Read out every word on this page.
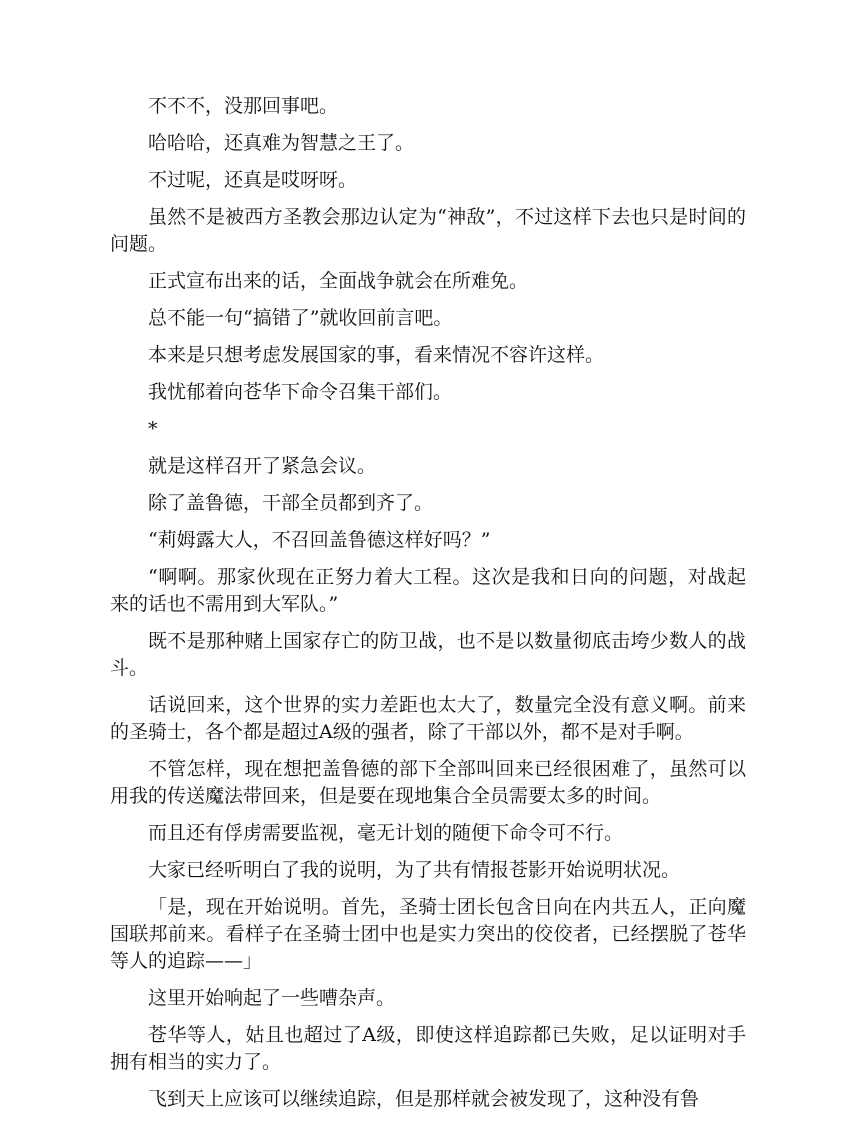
不不不，没那回事吧。

哈哈哈，还真难为智慧之王了。

不过呢，还真是哎呀呀。

虽然不是被西方圣教会那边认定为“神敌”，不过这样下去也只是时间的问题。

正式宣布出来的话，全面战争就会在所难免。

总不能一句“搞错了”就收回前言吧。

本来是只想考虑发展国家的事，看来情况不容许这样。

我忧郁着向苍华下命令召集干部们。

*

就是这样召开了紧急会议。

除了盖鲁德，干部全员都到齐了。

“莉姆露大人，不召回盖鲁德这样好吗？”

“啊啊。那家伙现在正努力着大工程。这次是我和日向的问题，对战起来的话也不需用到大军队。”

既不是那种赌上国家存亡的防卫战，也不是以数量彻底击垮少数人的战斗。

话说回来，这个世界的实力差距也太大了，数量完全没有意义啊。前来的圣骑士，各个都是超过A级的强者，除了干部以外，都不是对手啊。

不管怎样，现在想把盖鲁德的部下全部叫回来已经很困难了，虽然可以用我的传送魔法带回来，但是要在现地集合全员需要太多的时间。

而且还有俘虏需要监视，毫无计划的随便下命令可不行。

大家已经听明白了我的说明，为了共有情报苍影开始说明状况。

「是，现在开始说明。首先，圣骑士团长包含日向在内共五人，正向魔国联邦前来。看样子在圣骑士团中也是实力突出的佼佼者，已经摆脱了苍华等人的追踪——」

这里开始响起了一些嘈杂声。

苍华等人，姑且也超过了A级，即使这样追踪都已失败，足以证明对手拥有相当的实力了。

飞到天上应该可以继续追踪，但是那样就会被发现了，这种没有鲁
